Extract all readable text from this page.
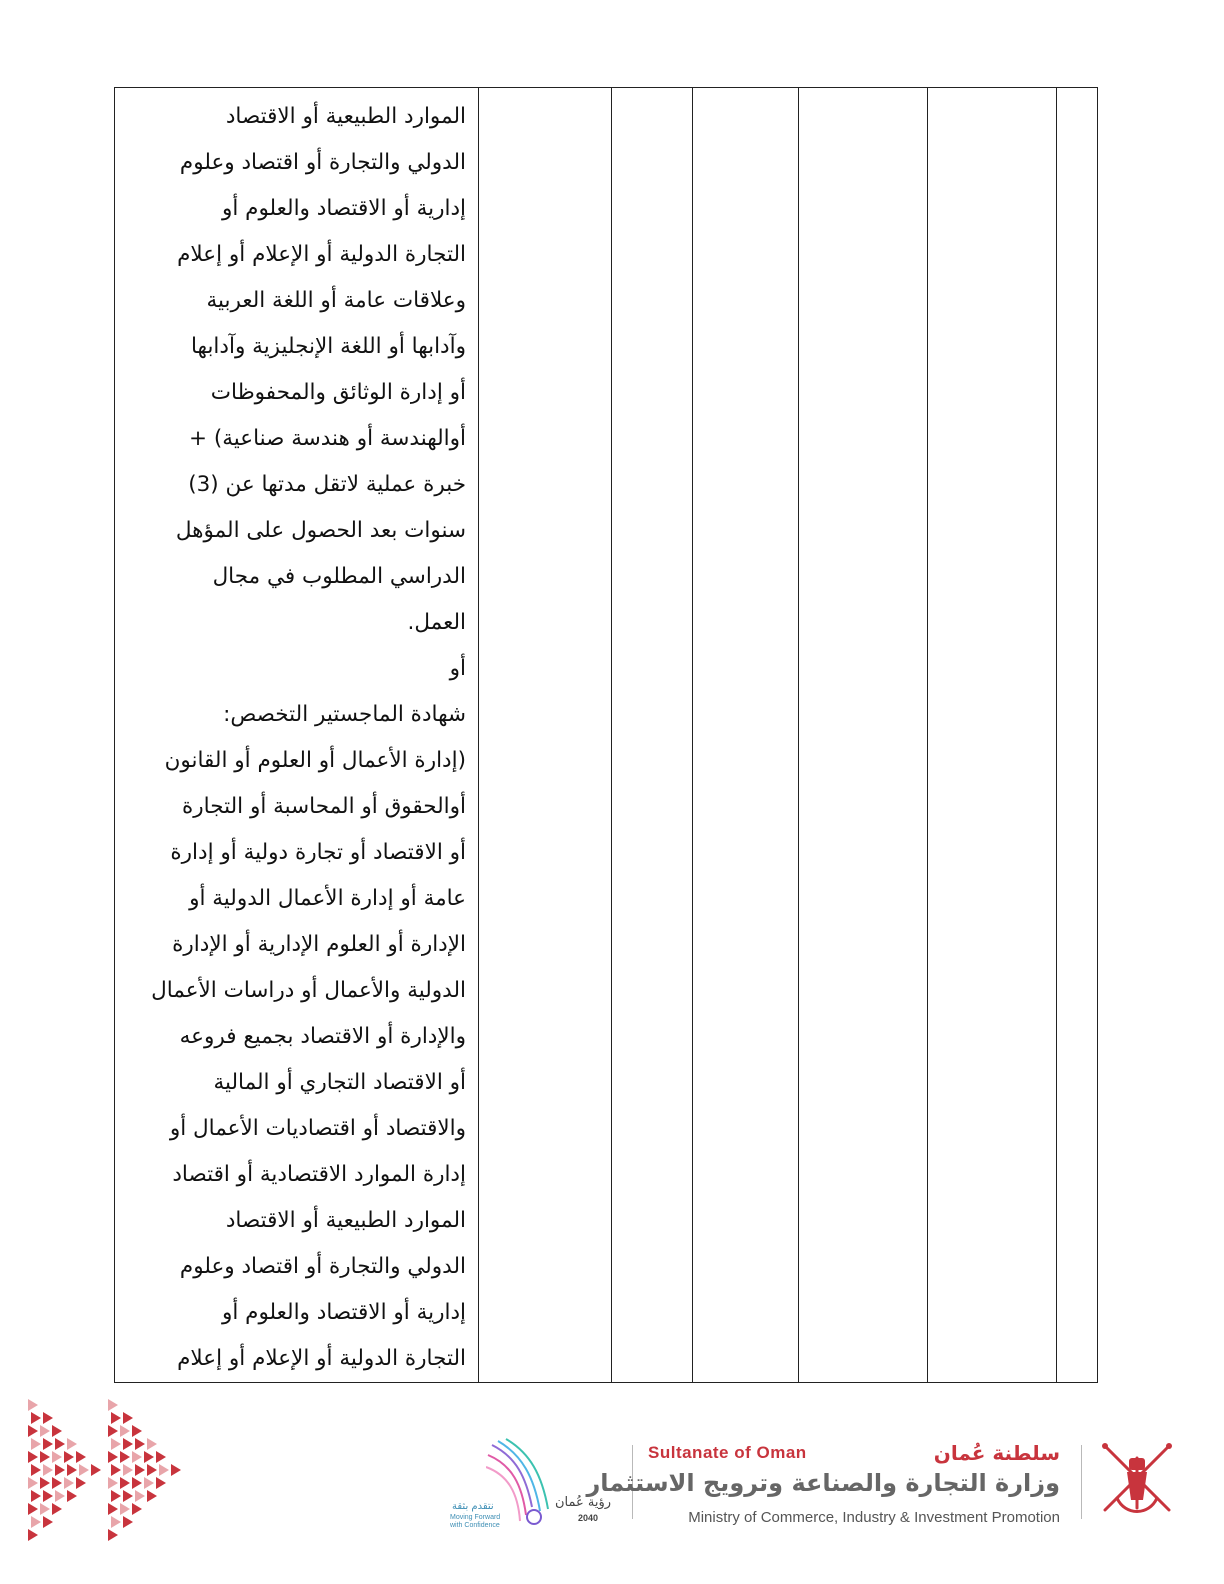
الموارد الطبيعية أو الاقتصاد
الدولي والتجارة أو اقتصاد وعلوم
إدارية أو الاقتصاد والعلوم أو
التجارة الدولية أو الإعلام أو إعلام
وعلاقات عامة أو اللغة العربية
وآدابها أو اللغة الإنجليزية وآدابها
أو إدارة الوثائق والمحفوظات
أوالهندسة أو هندسة صناعية) +
خبرة عملية لاتقل مدتها عن (3)
سنوات بعد الحصول على المؤهل
الدراسي المطلوب في مجال
العمل.
أو
شهادة الماجستير التخصص:
(إدارة الأعمال أو العلوم أو القانون
أوالحقوق أو المحاسبة أو التجارة
أو الاقتصاد أو تجارة دولية أو إدارة
عامة أو إدارة الأعمال الدولية أو
الإدارة أو العلوم الإدارية أو الإدارة
الدولية والأعمال أو دراسات الأعمال
والإدارة أو الاقتصاد بجميع فروعه
أو الاقتصاد التجاري أو المالية
والاقتصاد أو اقتصاديات الأعمال أو
إدارة الموارد الاقتصادية أو اقتصاد
الموارد الطبيعية أو الاقتصاد
الدولي والتجارة أو اقتصاد وعلوم
إدارية أو الاقتصاد والعلوم أو
التجارة الدولية أو الإعلام أو إعلام

نتقدم بثقة
Moving Forward
with Confidence
رؤية عُمان
2040
Sultanate of Oman	سلطنة عُمان
وزارة التجارة والصناعة وترويج الاستثمار
Ministry of Commerce, Industry & Investment Promotion
